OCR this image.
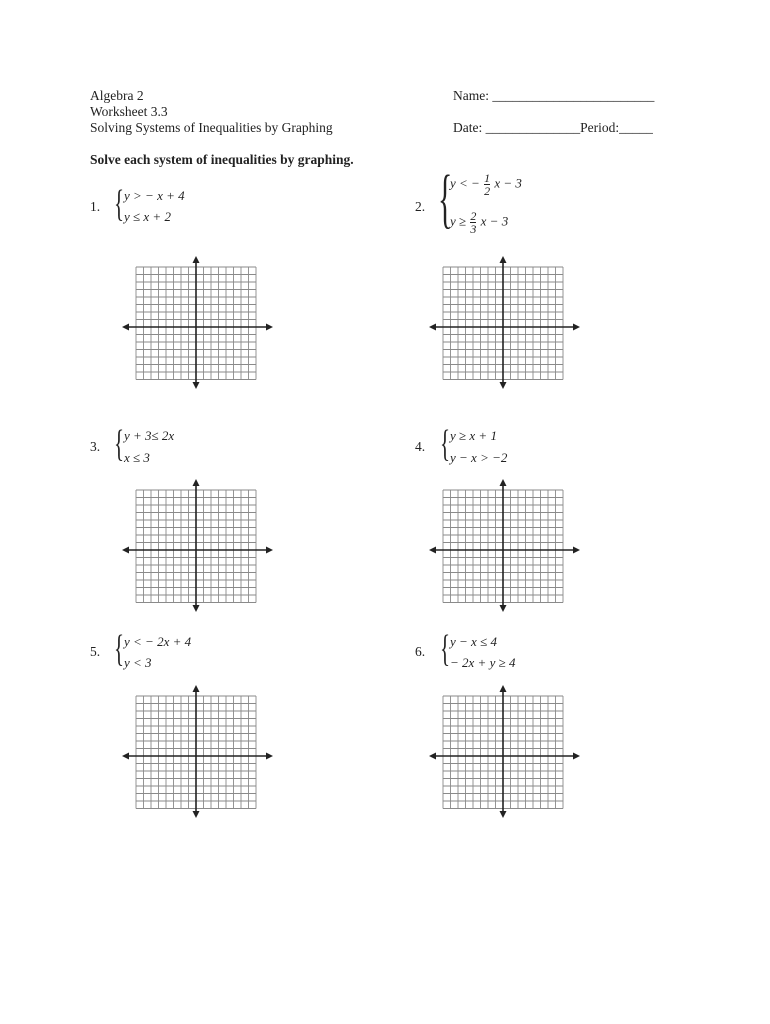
Algebra 2
Worksheet 3.3
Solving Systems of Inequalities by Graphing
Name: ________________________
Date: ______________Period:_____
Solve each system of inequalities by graphing.
1. { y > − x + 4
y ≤ x + 2
2. {
y < − $\frac{1}{2}$ x − 3
$y \ge \frac{2}{3}$ x − 3
3. { y + 3≤ 2x
x ≤ 3
4. { y ≥ x + 1
y − x > −2
5. { y < − 2x + 4
y < 3
6. { y − x ≤ 4
− 2x + y ≥ 4
